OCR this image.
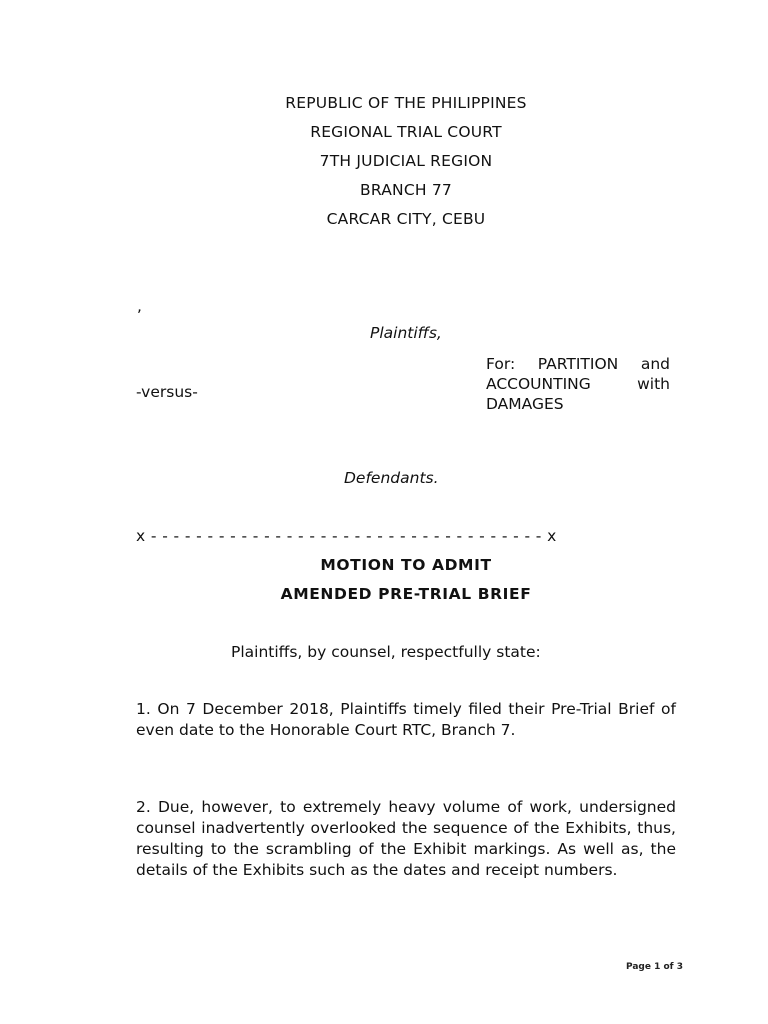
REPUBLIC OF THE PHILIPPINES
REGIONAL TRIAL COURT
7TH JUDICIAL REGION
BRANCH 77
CARCAR CITY, CEBU
,
Plaintiffs,
For: PARTITION and
ACCOUNTING with
DAMAGES
-versus-
Defendants.
x - - - - - - - - - - - - - - - - - - - - - - - - - - - - - - - - - - - x
MOTION TO ADMIT
AMENDED PRE-TRIAL BRIEF
Plaintiffs, by counsel, respectfully state:
1. On 7 December 2018, Plaintiffs timely filed their Pre-Trial Brief of even date to the Honorable Court RTC, Branch 7.
2. Due, however, to extremely heavy volume of work, undersigned counsel inadvertently overlooked the sequence of the Exhibits, thus, resulting to the scrambling of the Exhibit markings. As well as, the details of the Exhibits such as the dates and receipt numbers.
Page 1 of 3
